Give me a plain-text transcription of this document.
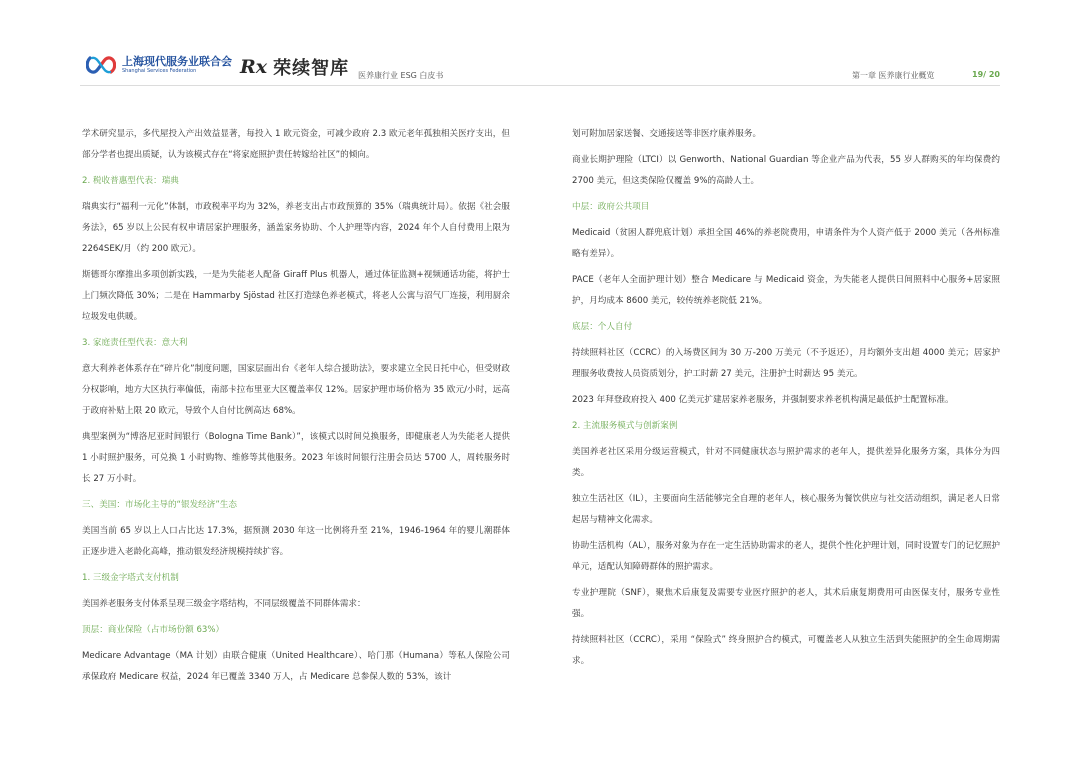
上海现代服务业联合会
Shanghai Services Federation	Rx 荣续智库 医养康行业 ESG 白皮书	第一章 医养康行业概览	19/ 20

学术研究显示，多代屋投入产出效益显著，每投入 1 欧元资金，可减少政府 2.3 欧元老年孤独相关医疗支出，但部分学者也提出质疑，认为该模式存在“将家庭照护责任转嫁给社区”的倾向。

2. 税收普惠型代表：瑞典

瑞典实行“福利一元化”体制，市政税率平均为 32%，养老支出占市政预算的 35%（瑞典统计局）。依据《社会服务法》，65 岁以上公民有权申请居家护理服务，涵盖家务协助、个人护理等内容，2024 年个人自付费用上限为 2264SEK/月（约 200 欧元）。

斯德哥尔摩推出多项创新实践，一是为失能老人配备 Giraff Plus 机器人，通过体征监测+视频通话功能，将护士上门频次降低 30%；二是在 Hammarby Sjöstad 社区打造绿色养老模式，将老人公寓与沼气厂连接，利用厨余垃圾发电供暖。

3. 家庭责任型代表：意大利

意大利养老体系存在“碎片化”制度问题，国家层面出台《老年人综合援助法》，要求建立全民日托中心，但受财政分权影响，地方大区执行率偏低，南部卡拉布里亚大区覆盖率仅 12%。居家护理市场价格为 35 欧元/小时，远高于政府补贴上限 20 欧元，导致个人自付比例高达 68%。

典型案例为“博洛尼亚时间银行（Bologna Time Bank）”，该模式以时间兑换服务，即健康老人为失能老人提供 1 小时照护服务，可兑换 1 小时购物、维修等其他服务。2023 年该时间银行注册会员达 5700 人，周转服务时长 27 万小时。

三、美国：市场化主导的“银发经济”生态

美国当前 65 岁以上人口占比达 17.3%，据预测 2030 年这一比例将升至 21%，1946-1964 年的婴儿潮群体正逐步进入老龄化高峰，推动银发经济规模持续扩容。

1. 三级金字塔式支付机制

美国养老服务支付体系呈现三级金字塔结构，不同层级覆盖不同群体需求：

顶层：商业保险（占市场份额 63%）

Medicare Advantage（MA 计划）由联合健康（United Healthcare）、哈门那（Humana）等私人保险公司承保政府 Medicare 权益，2024 年已覆盖 3340 万人，占 Medicare 总参保人数的 53%，该计

划可附加居家送餐、交通接送等非医疗康养服务。

商业长期护理险（LTCI）以 Genworth、National Guardian 等企业产品为代表，55 岁人群购买的年均保费约 2700 美元，但这类保险仅覆盖 9%的高龄人士。

中层：政府公共项目

Medicaid（贫困人群兜底计划）承担全国 46%的养老院费用，申请条件为个人资产低于 2000 美元（各州标准略有差异）。

PACE（老年人全面护理计划）整合 Medicare 与 Medicaid 资金，为失能老人提供日间照料中心服务+居家照护，月均成本 8600 美元，较传统养老院低 21%。

底层：个人自付

持续照料社区（CCRC）的入场费区间为 30 万-200 万美元（不予返还），月均额外支出超 4000 美元；居家护理服务收费按人员资质划分，护工时薪 27 美元，注册护士时薪达 95 美元。

2023 年拜登政府投入 400 亿美元扩建居家养老服务，并强制要求养老机构满足最低护士配置标准。

2. 主流服务模式与创新案例

美国养老社区采用分级运营模式，针对不同健康状态与照护需求的老年人，提供差异化服务方案，具体分为四类。

独立生活社区（IL），主要面向生活能够完全自理的老年人，核心服务为餐饮供应与社交活动组织，满足老人日常起居与精神文化需求。

协助生活机构（AL），服务对象为存在一定生活协助需求的老人，提供个性化护理计划，同时设置专门的记忆照护单元，适配认知障碍群体的照护需求。

专业护理院（SNF），聚焦术后康复及需要专业医疗照护的老人，其术后康复期费用可由医保支付，服务专业性强。

持续照料社区（CCRC），采用 “保险式” 终身照护合约模式，可覆盖老人从独立生活到失能照护的全生命周期需求。
